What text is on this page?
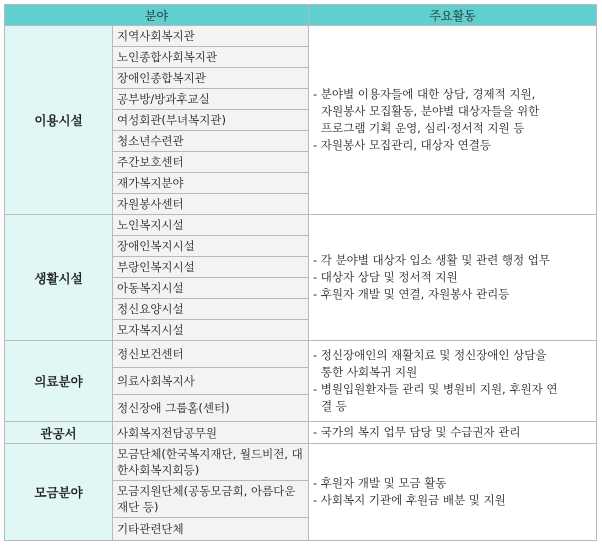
분야		주요활동
이용시설	지역사회복지관	- 분야별 이용자들에 대한 상담, 경제적 지원,
자원봉사 모집활동, 분야별 대상자들을 위한
프로그램 기획 운영, 심리·정서적 지원 등
- 자원봉사 모집관리, 대상자 연결등

	노인종합사회복지관	
	장애인종합복지관	
	공부방/방과후교실	
	여성회관(부녀복지관)	
	청소년수련관	
	주간보호센터	
	재가복지분야	
	자원봉사센터	
생활시설	노인복지시설	- 각 분야별 대상자 입소 생활 및 관련 행정 업무
- 대상자 상담 및 정서적 지원
- 후원자 개발 및 연결, 자원봉사 관리등

	장애인복지시설	
	부랑인복지시설	
	아동복지시설	
	정신요양시설	
	모자복지시설	
의료분야	정신보건센터	- 정신장애인의 재활치료 및 정신장애인 상담을
통한 사회복귀 지원
- 병원입원환자들 관리 및 병원비 지원, 후원자 연
결 등

	의료사회복지사	
	정신장애 그룹홈(센터)	
관공서	사회복지전담공무원	- 국가의 복지 업무 담당 및 수급권자 관리

모금분야	모금단체(한국복지재단, 월드비전, 대한사회복지회등)	- 후원자 개발 및 모금 활동
- 사회복지 기관에 후원금 배분 및 지원

	모금지원단체(공동모금회, 아름다운재단 등)	
	기타관련단체	
